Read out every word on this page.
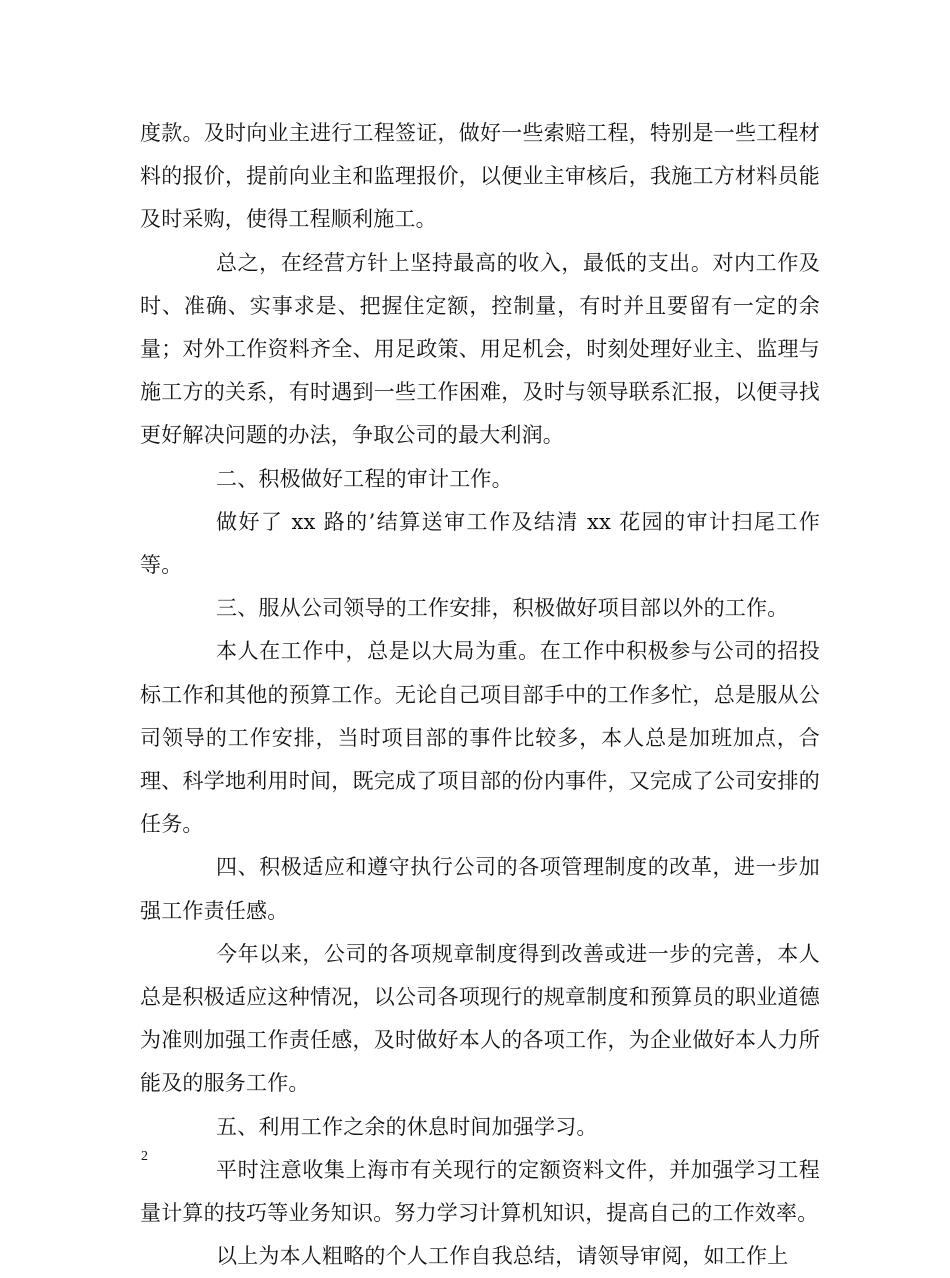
度款。及时向业主进行工程签证，做好一些索赔工程，特别是一些工程材料的报价，提前向业主和监理报价，以便业主审核后，我施工方材料员能及时采购，使得工程顺利施工。

总之，在经营方针上坚持最高的收入，最低的支出。对内工作及时、准确、实事求是、把握住定额，控制量，有时并且要留有一定的余量；对外工作资料齐全、用足政策、用足机会，时刻处理好业主、监理与施工方的关系，有时遇到一些工作困难，及时与领导联系汇报，以便寻找更好解决问题的办法，争取公司的最大利润。

二、积极做好工程的审计工作。

做好了 xx 路的’结算送审工作及结清 xx 花园的审计扫尾工作等。

三、服从公司领导的工作安排，积极做好项目部以外的工作。

本人在工作中，总是以大局为重。在工作中积极参与公司的招投标工作和其他的预算工作。无论自己项目部手中的工作多忙，总是服从公司领导的工作安排，当时项目部的事件比较多，本人总是加班加点，合理、科学地利用时间，既完成了项目部的份内事件，又完成了公司安排的任务。

四、积极适应和遵守执行公司的各项管理制度的改革，进一步加强工作责任感。

今年以来，公司的各项规章制度得到改善或进一步的完善，本人总是积极适应这种情况，以公司各项现行的规章制度和预算员的职业道德为准则加强工作责任感，及时做好本人的各项工作，为企业做好本人力所能及的服务工作。

五、利用工作之余的休息时间加强学习。

平时注意收集上海市有关现行的定额资料文件，并加强学习工程量计算的技巧等业务知识。努力学习计算机知识，提高自己的工作效率。

以上为本人粗略的个人工作自我总结，请领导审阅，如工作上

2
